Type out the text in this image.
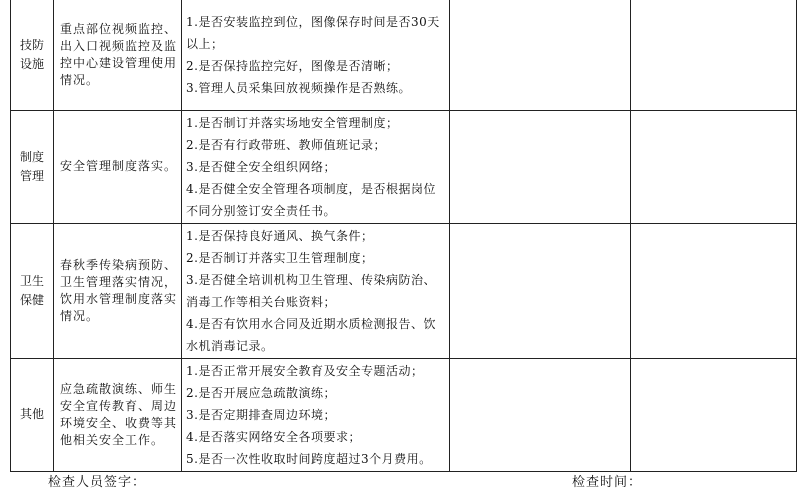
技防
设施	重点部位视频监控、出入口视频监控及监控中心建设管理使用情况。	1.是否安装监控到位，图像保存时间是否30天以上；
2.是否保持监控完好，图像是否清晰；
3.管理人员采集回放视频操作是否熟练。		

制度
管理	安全管理制度落实。	1.是否制订并落实场地安全管理制度；
2.是否有行政带班、教师值班记录；
3.是否健全安全组织网络；
4.是否健全安全管理各项制度，是否根据岗位不同分别签订安全责任书。		

卫生
保健	春秋季传染病预防、卫生管理落实情况，饮用水管理制度落实情况。	1.是否保持良好通风、换气条件；
2.是否制订并落实卫生管理制度；
3.是否健全培训机构卫生管理、传染病防治、消毒工作等相关台账资料；
4.是否有饮用水合同及近期水质检测报告、饮水机消毒记录。		

其他	应急疏散演练、师生安全宣传教育、周边环境安全、收费等其他相关安全工作。	1.是否正常开展安全教育及安全专题活动；
2.是否开展应急疏散演练；
3.是否定期排查周边环境；
4.是否落实网络安全各项要求；
5.是否一次性收取时间跨度超过3个月费用。		

检查人员签字：	检查时间：
